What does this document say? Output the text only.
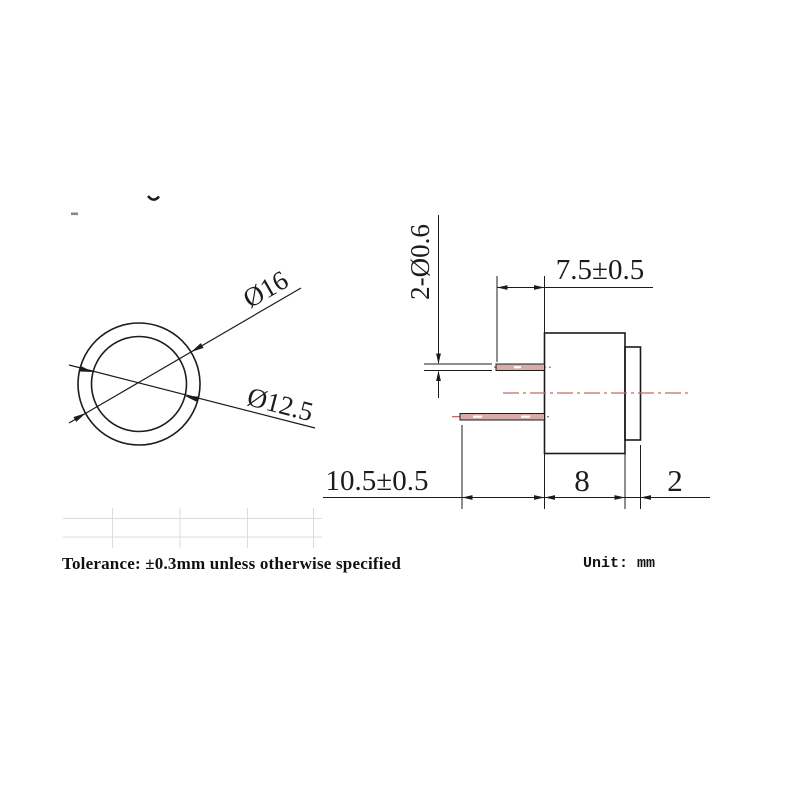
Ø16
Ø12.5
2-Ø0.6	7.5±0.5
10.5±0.5	8	2
Tolerance: ±0.3mm unless otherwise specified	Unit: mm
